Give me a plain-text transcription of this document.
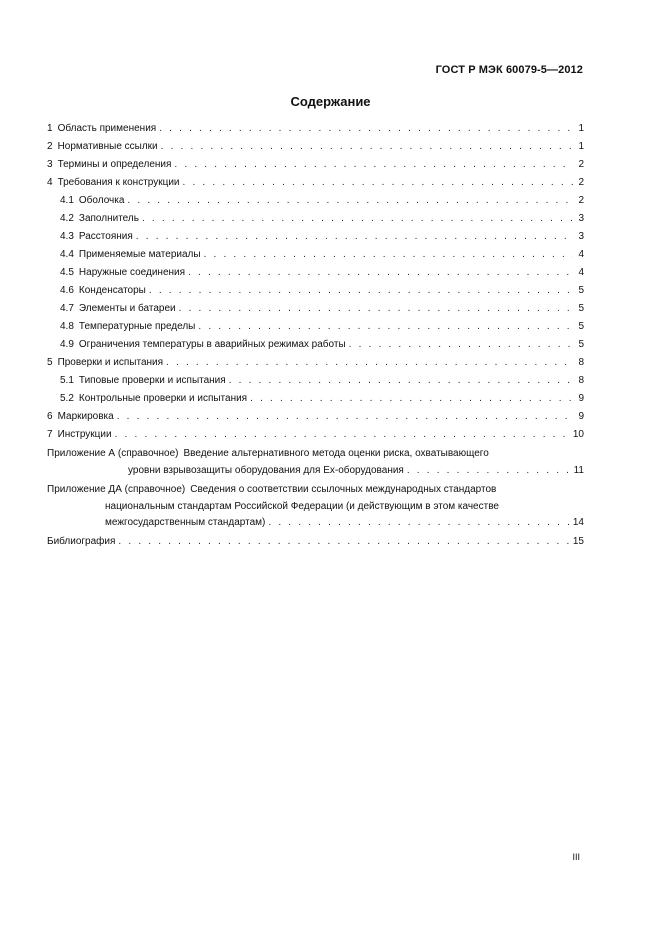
ГОСТ Р МЭК 60079-5—2012
Содержание
1 Область применения . . .	1
2 Нормативные ссылки . . .	1
3 Термины и определения . . .	2
4 Требования к конструкции . . .	2
4.1 Оболочка . . .	2
4.2 Заполнитель . . .	3
4.3 Расстояния . . .	3
4.4 Применяемые материалы . . .	4
4.5 Наружные соединения . . .	4
4.6 Конденсаторы . . .	5
4.7 Элементы и батареи . . .	5
4.8 Температурные пределы . . .	5
4.9 Ограничения температуры в аварийных режимах работы . . .	5
5 Проверки и испытания . . .	8
5.1 Типовые проверки и испытания . . .	8
5.2 Контрольные проверки и испытания . . .	9
6 Маркировка . . .	9
7 Инструкции . . .	10
Приложение А (справочное) Введение альтернативного метода оценки риска, охватывающего
уровни взрывозащиты оборудования для Ex-оборудования . . .	11
Приложение ДА (справочное) Сведения о соответствии ссылочных международных стандартов
национальным стандартам Российской Федерации (и действующим в этом качестве
межгосударственным стандартам) . . .	14
Библиография . . .	15
III
